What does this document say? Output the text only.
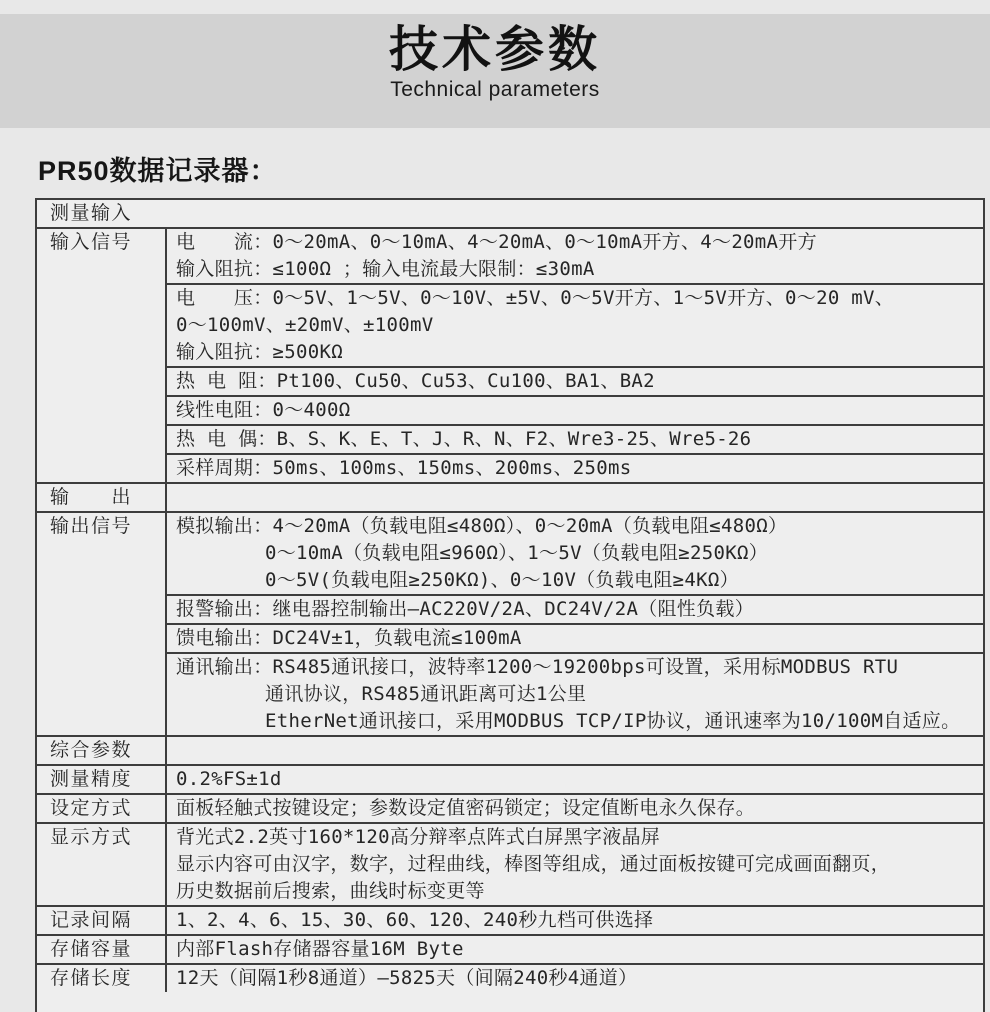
技术参数
Technical parameters
PR50数据记录器：
测量输入
输入信号	电　　流：0～20mA、0～10mA、4～20mA、0～10mA开方、4～20mA开方
输入阻抗：≤100Ω ；输入电流最大限制：≤30mA
电　　压：0～5V、1～5V、0～10V、±5V、0～5V开方、1～5V开方、0～20 mV、
0～100mV、±20mV、±100mV
输入阻抗：≥500KΩ
热 电 阻：Pt100、Cu50、Cu53、Cu100、BA1、BA2
线性电阻：0～400Ω
热 电 偶：B、S、K、E、T、J、R、N、F2、Wre3-25、Wre5-26
采样周期：50ms、100ms、150ms、200ms、250ms
输　　出
输出信号	模拟输出：4～20mA（负载电阻≤480Ω）、0～20mA（负载电阻≤480Ω）
0～10mA（负载电阻≤960Ω）、1～5V（负载电阻≥250KΩ）
0～5V(负载电阻≥250KΩ)、0～10V（负载电阻≥4KΩ）
报警输出：继电器控制输出—AC220V/2A、DC24V/2A（阻性负载）
馈电输出：DC24V±1，负载电流≤100mA
通讯输出：RS485通讯接口，波特率1200～19200bps可设置，采用标MODBUS RTU
通讯协议，RS485通讯距离可达1公里
EtherNet通讯接口，采用MODBUS TCP/IP协议，通讯速率为10/100M自适应。
综合参数
测量精度	0.2%FS±1d
设定方式	面板轻触式按键设定；参数设定值密码锁定；设定值断电永久保存。
显示方式	背光式2.2英寸160*120高分辩率点阵式白屏黑字液晶屏
显示内容可由汉字，数字，过程曲线，棒图等组成，通过面板按键可完成画面翻页，
历史数据前后搜索，曲线时标变更等
记录间隔	1、2、4、6、15、30、60、120、240秒九档可供选择
存储容量	内部Flash存储器容量16M Byte
存储长度	12天（间隔1秒8通道）—5825天（间隔240秒4通道）
